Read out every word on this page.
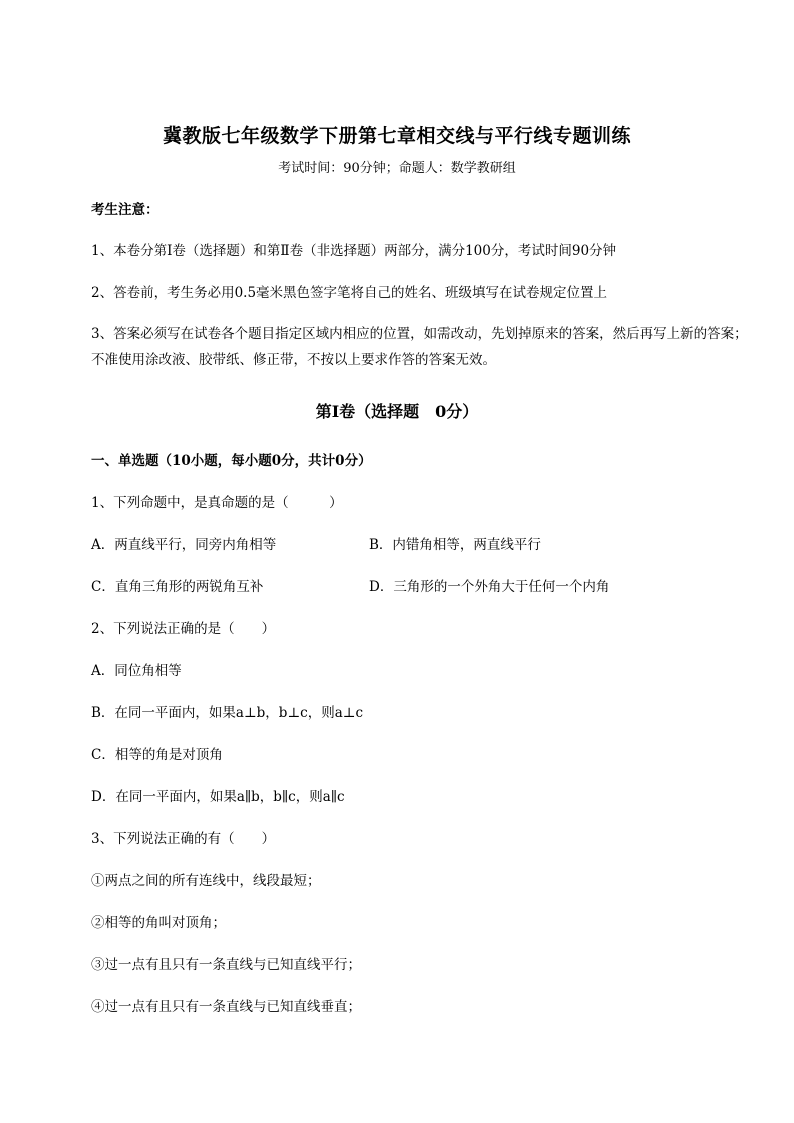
冀教版七年级数学下册第七章相交线与平行线专题训练
考试时间：90分钟；命题人：数学教研组
考生注意：
1、本卷分第I卷（选择题）和第Ⅱ卷（非选择题）两部分，满分100分，考试时间90分钟
2、答卷前，考生务必用0.5毫米黑色签字笔将自己的姓名、班级填写在试卷规定位置上
3、答案必须写在试卷各个题目指定区域内相应的位置，如需改动，先划掉原来的答案，然后再写上新的答案；不准使用涂改液、胶带纸、修正带，不按以上要求作答的答案无效。
第I卷（选择题　0分）
一、单选题（10小题，每小题0分，共计0分）
1、下列命题中，是真命题的是（　　　）
A．两直线平行，同旁内角相等	B．内错角相等，两直线平行
C．直角三角形的两锐角互补	D．三角形的一个外角大于任何一个内角
2、下列说法正确的是（　　）
A．同位角相等
B．在同一平面内，如果a⊥b，b⊥c，则a⊥c
C．相等的角是对顶角
D．在同一平面内，如果a∥b，b∥c，则a∥c
3、下列说法正确的有（　　）
①两点之间的所有连线中，线段最短；
②相等的角叫对顶角；
③过一点有且只有一条直线与已知直线平行；
④过一点有且只有一条直线与已知直线垂直；
